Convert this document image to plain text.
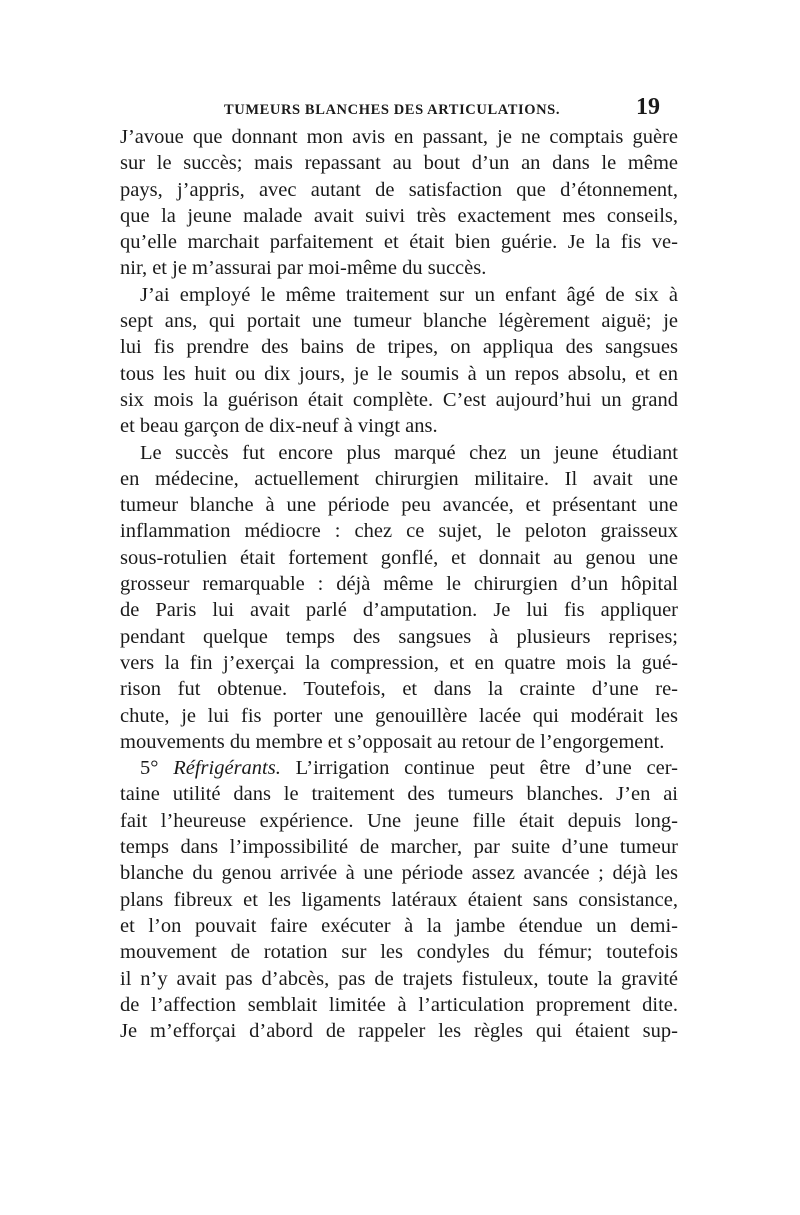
TUMEURS BLANCHES DES ARTICULATIONS.	19
J’avoue que donnant mon avis en passant, je ne comptais guère
sur le succès; mais repassant au bout d’un an dans le même
pays, j’appris, avec autant de satisfaction que d’étonnement,
que la jeune malade avait suivi très exactement mes conseils,
qu’elle marchait parfaitement et était bien guérie. Je la fis ve-
nir, et je m’assurai par moi-même du succès.
J’ai employé le même traitement sur un enfant âgé de six à
sept ans, qui portait une tumeur blanche légèrement aiguë; je
lui fis prendre des bains de tripes, on appliqua des sangsues
tous les huit ou dix jours, je le soumis à un repos absolu, et en
six mois la guérison était complète. C’est aujourd’hui un grand
et beau garçon de dix-neuf à vingt ans.
Le succès fut encore plus marqué chez un jeune étudiant
en médecine, actuellement chirurgien militaire. Il avait une
tumeur blanche à une période peu avancée, et présentant une
inflammation médiocre : chez ce sujet, le peloton graisseux
sous-rotulien était fortement gonflé, et donnait au genou une
grosseur remarquable : déjà même le chirurgien d’un hôpital
de Paris lui avait parlé d’amputation. Je lui fis appliquer
pendant quelque temps des sangsues à plusieurs reprises;
vers la fin j’exerçai la compression, et en quatre mois la gué-
rison fut obtenue. Toutefois, et dans la crainte d’une re-
chute, je lui fis porter une genouillère lacée qui modérait les
mouvements du membre et s’opposait au retour de l’engorgement.
5° Réfrigérants. L’irrigation continue peut être d’une cer-
taine utilité dans le traitement des tumeurs blanches. J’en ai
fait l’heureuse expérience. Une jeune fille était depuis long-
temps dans l’impossibilité de marcher, par suite d’une tumeur
blanche du genou arrivée à une période assez avancée ; déjà les
plans fibreux et les ligaments latéraux étaient sans consistance,
et l’on pouvait faire exécuter à la jambe étendue un demi-
mouvement de rotation sur les condyles du fémur; toutefois
il n’y avait pas d’abcès, pas de trajets fistuleux, toute la gravité
de l’affection semblait limitée à l’articulation proprement dite.
Je m’efforçai d’abord de rappeler les règles qui étaient sup-
